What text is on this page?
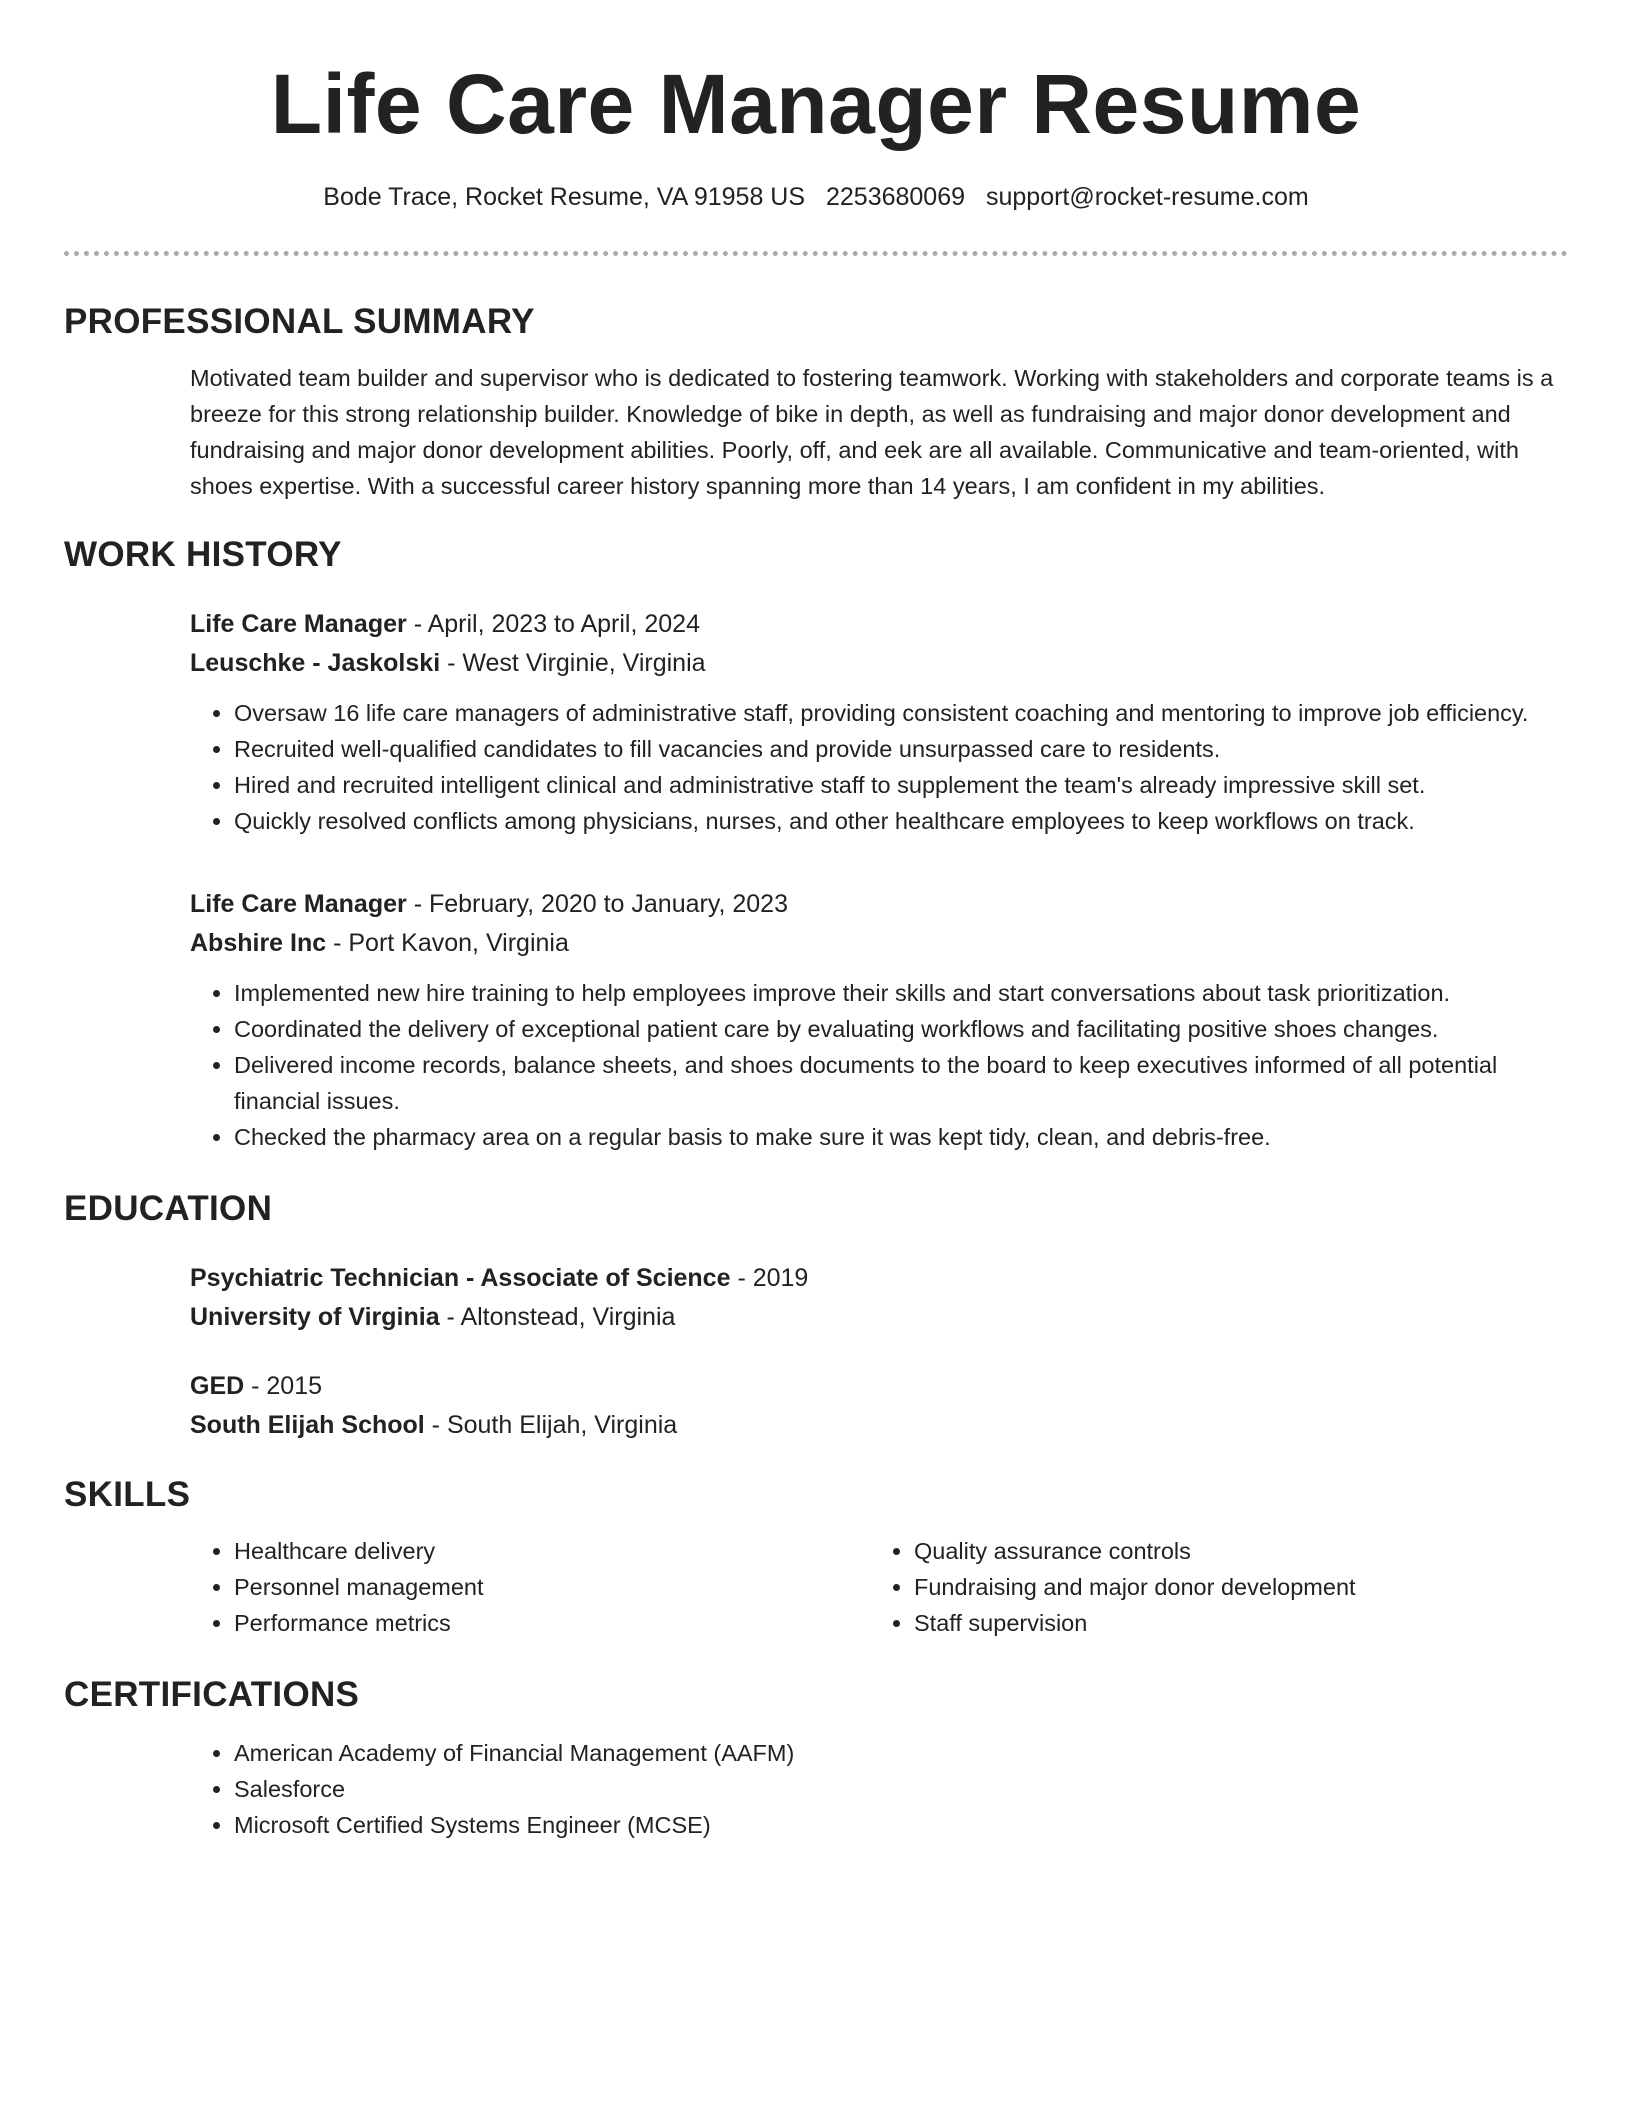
Life Care Manager Resume
Bode Trace, Rocket Resume, VA 91958 US 2253680069 support@rocket-resume.com
PROFESSIONAL SUMMARY
Motivated team builder and supervisor who is dedicated to fostering teamwork. Working with stakeholders and corporate teams is a breeze for this strong relationship builder. Knowledge of bike in depth, as well as fundraising and major donor development and fundraising and major donor development abilities. Poorly, off, and eek are all available. Communicative and team-oriented, with shoes expertise. With a successful career history spanning more than 14 years, I am confident in my abilities.
WORK HISTORY
Life Care Manager - April, 2023 to April, 2024
Leuschke - Jaskolski - West Virginie, Virginia
• Oversaw 16 life care managers of administrative staff, providing consistent coaching and mentoring to improve job efficiency.
• Recruited well-qualified candidates to fill vacancies and provide unsurpassed care to residents.
• Hired and recruited intelligent clinical and administrative staff to supplement the team's already impressive skill set.
• Quickly resolved conflicts among physicians, nurses, and other healthcare employees to keep workflows on track.
Life Care Manager - February, 2020 to January, 2023
Abshire Inc - Port Kavon, Virginia
• Implemented new hire training to help employees improve their skills and start conversations about task prioritization.
• Coordinated the delivery of exceptional patient care by evaluating workflows and facilitating positive shoes changes.
• Delivered income records, balance sheets, and shoes documents to the board to keep executives informed of all potential financial issues.
• Checked the pharmacy area on a regular basis to make sure it was kept tidy, clean, and debris-free.
EDUCATION
Psychiatric Technician - Associate of Science - 2019
University of Virginia - Altonstead, Virginia
GED - 2015
South Elijah School - South Elijah, Virginia
SKILLS
• Healthcare delivery
• Personnel management
• Performance metrics
• Quality assurance controls
• Fundraising and major donor development
• Staff supervision
CERTIFICATIONS
• American Academy of Financial Management (AAFM)
• Salesforce
• Microsoft Certified Systems Engineer (MCSE)
